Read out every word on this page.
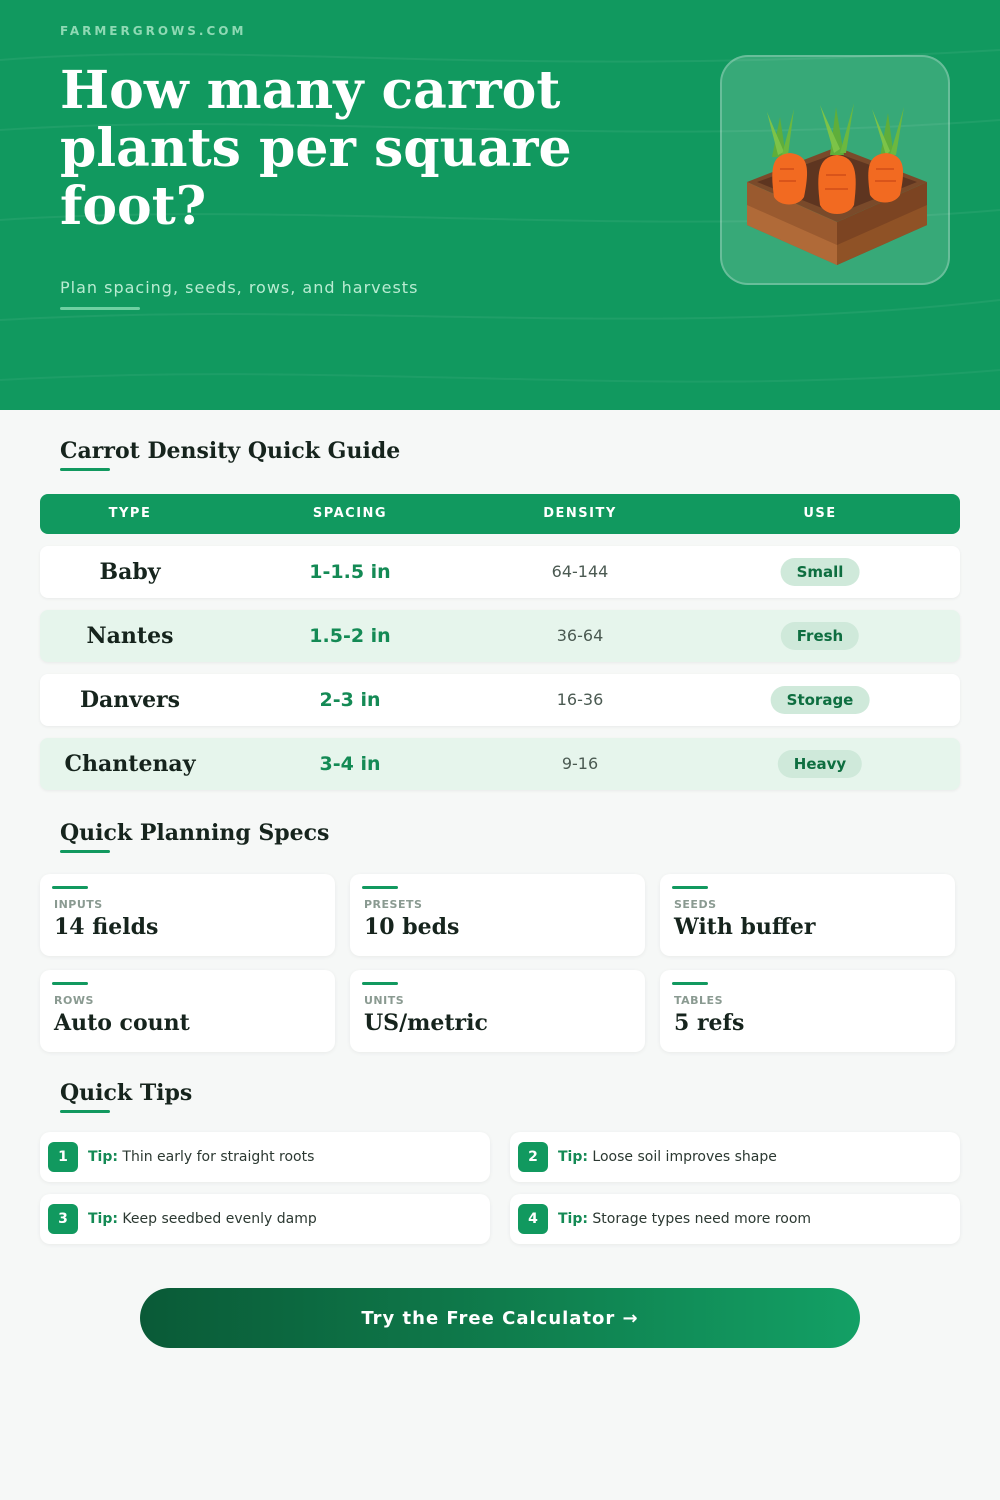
FARMERGROWS.COM
How many carrot plants per square foot?
Plan spacing, seeds, rows, and harvests
Carrot Density Quick Guide
TYPE	SPACING	DENSITY	USE
Baby	1-1.5 in	64-144	Small
Nantes	1.5-2 in	36-64	Fresh
Danvers	2-3 in	16-36	Storage
Chantenay	3-4 in	9-16	Heavy
Quick Planning Specs
INPUTS
14 fields
PRESETS
10 beds
SEEDS
With buffer
ROWS
Auto count
UNITS
US/metric
TABLES
5 refs
Quick Tips
1	Tip: Thin early for straight roots	2	Tip: Loose soil improves shape
3	Tip: Keep seedbed evenly damp	4	Tip: Storage types need more room
Try the Free Calculator →
